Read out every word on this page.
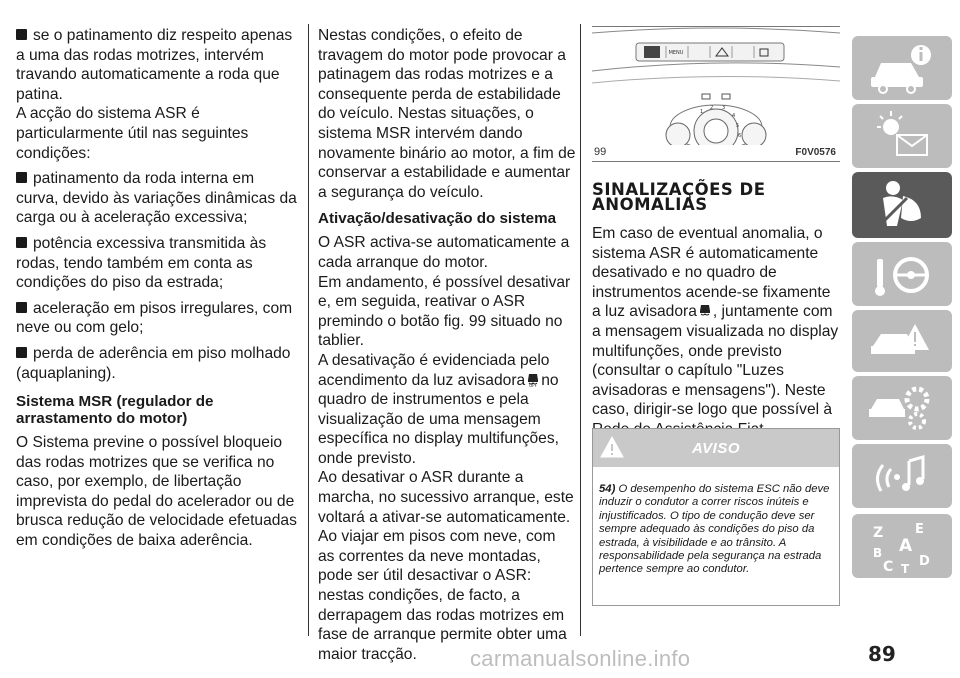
se o patinamento diz respeito apenas a uma das rodas motrizes, intervém travando automaticamente a roda que patina.

A acção do sistema ASR é particularmente útil nas seguintes condições:

patinamento da roda interna em curva, devido às variações dinâmicas da carga ou à aceleração excessiva;

potência excessiva transmitida às rodas, tendo também em conta as condições do piso da estrada;

aceleração em pisos irregulares, com neve ou com gelo;

perda de aderência em piso molhado (aquaplaning).

Sistema MSR (regulador de arrastamento do motor)

O Sistema previne o possível bloqueio das rodas motrizes que se verifica no caso, por exemplo, de libertação imprevista do pedal do acelerador ou de brusca redução de velocidade efetuadas em condições de baixa aderência.

Nestas condições, o efeito de travagem do motor pode provocar a patinagem das rodas motrizes e a consequente perda de estabilidade do veículo. Nestas situações, o sistema MSR intervém dando novamente binário ao motor, a fim de conservar a estabilidade e aumentar a segurança do veículo.

Ativação/desativação do sistema

O ASR activa-se automaticamente a cada arranque do motor.

Em andamento, é possível desativar e, em seguida, reativar o ASR premindo o botão fig. 99 situado no tablier.

A desativação é evidenciada pelo acendimento da luz avisadora OFF no quadro de instrumentos e pela visualização de uma mensagem específica no display multifunções, onde previsto.

Ao desativar o ASR durante a marcha, no sucessivo arranque, este voltará a ativar-se automaticamente.

Ao viajar em pisos com neve, com as correntes da neve montadas, pode ser útil desactivar o ASR: nestas condições, de facto, a derrapagem das rodas motrizes em fase de arranque permite obter uma maior tracção.

MENU
1
2 3
4
5
6
99	F0V0576

SINALIZAÇÕES DE ANOMALIAS

Em caso de eventual anomalia, o sistema ASR é automaticamente desativado e no quadro de instrumentos acende-se fixamente a luz avisadora , juntamente com a mensagem visualizada no display multifunções, onde previsto (consultar o capítulo "Luzes avisadoras e mensagens"). Neste caso, dirigir-se logo que possível à

AVISO

54) O desempenho do sistema ESC não deve induzir o condutor a correr riscos inúteis e injustificados. O tipo de condução deve ser sempre adequado às condições do piso da estrada, à visibilidade e ao trânsito. A responsabilidade pela segurança na estrada pertence sempre ao condutor.

Z E
A
B
C D
T
89
carmanualsonline.info
